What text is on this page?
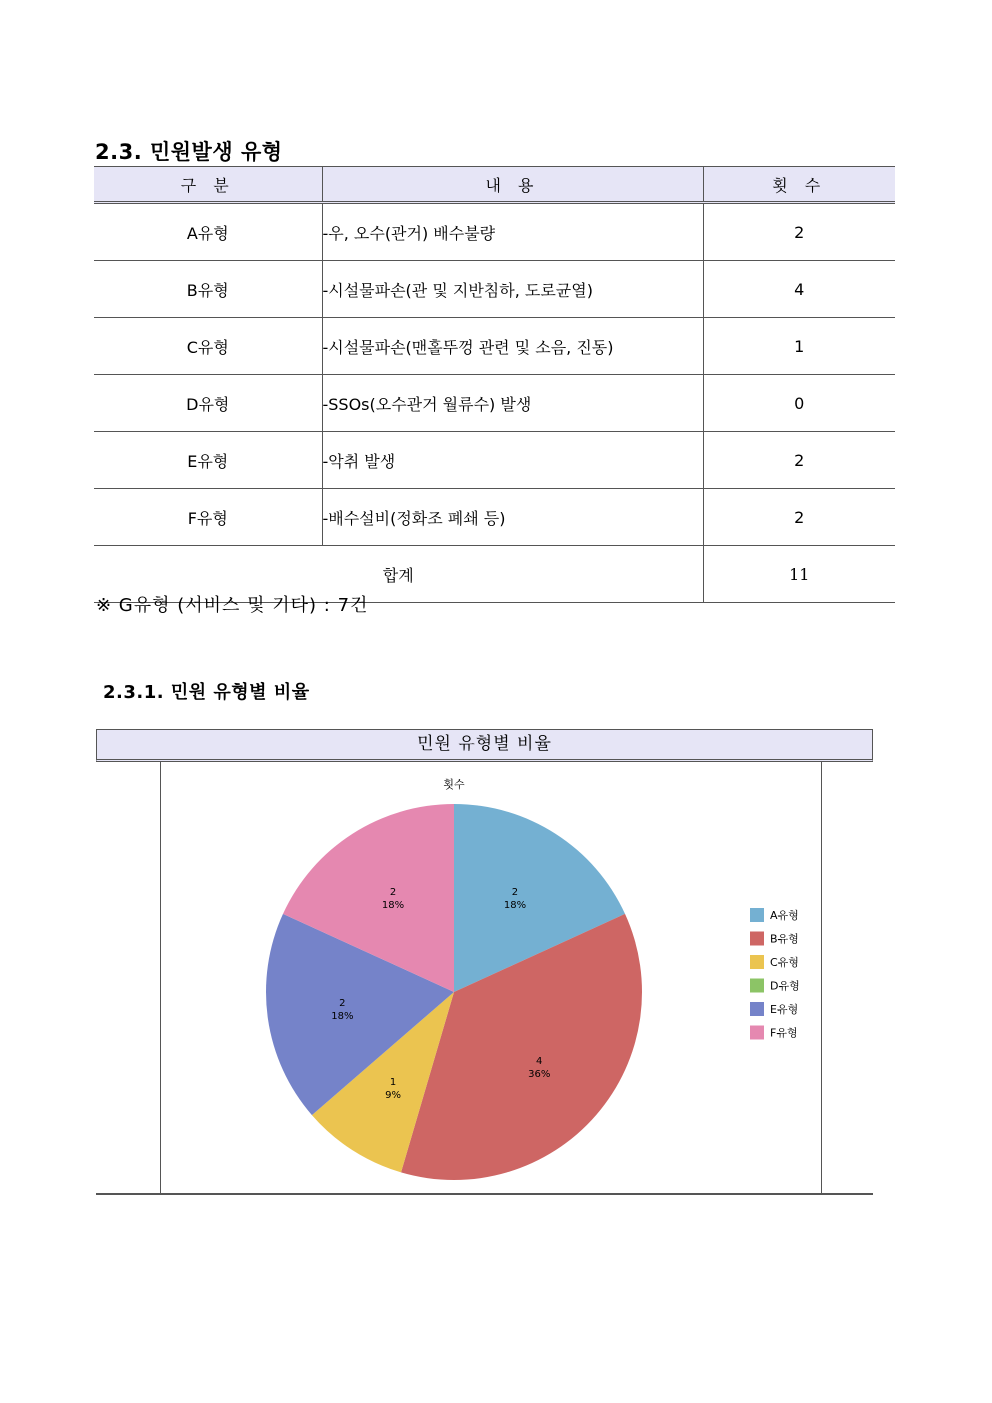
2.3. 민원발생 유형
구 분	내 용	횟 수
A유형	-우, 오수(관거) 배수불량	2
B유형	-시설물파손(관 및 지반침하, 도로균열)	4
C유형	-시설물파손(맨홀뚜껑 관련 및 소음, 진동)	1
D유형	-SSOs(오수관거 월류수) 발생	0
E유형	-악취 발생	2
F유형	-배수설비(정화조 폐쇄 등)	2
합계		11
※ G유형 (서비스 및 기타) : 7건
2.3.1. 민원 유형별 비율
민원 유형별 비율
횟수
2
18%
4
36%
1
9%
2
18%
2
18%
A유형
B유형
C유형
D유형
E유형
F유형
